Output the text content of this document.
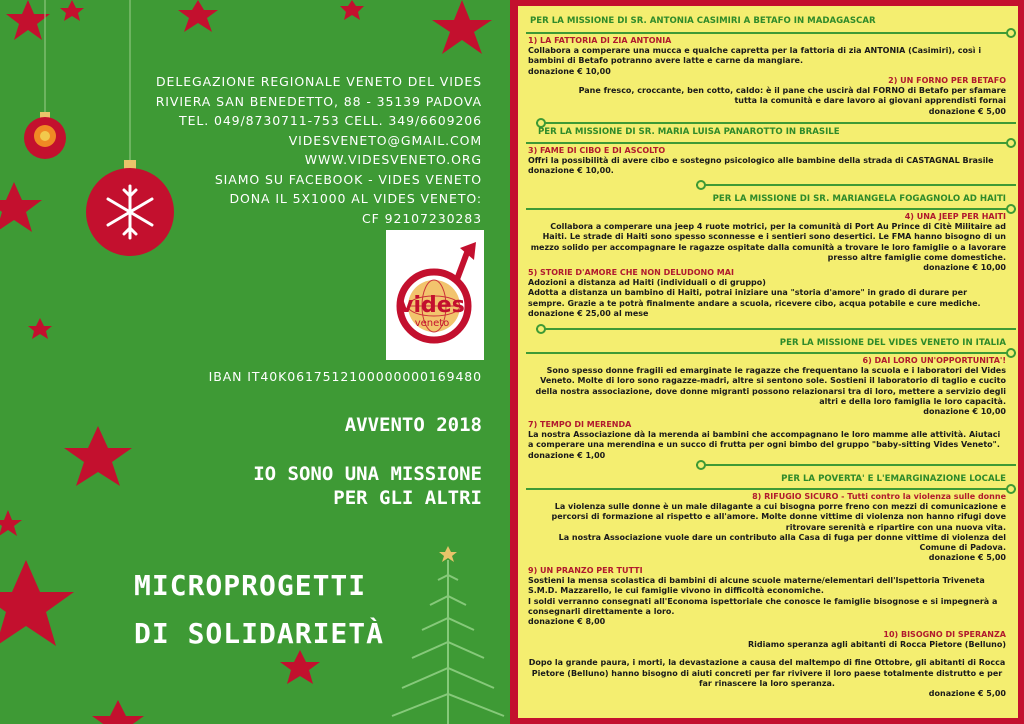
DELEGAZIONE REGIONALE VENETO DEL VIDES
RIVIERA SAN BENEDETTO, 88 - 35139 PADOVA
TEL. 049/8730711-753 CELL. 349/6609206
VIDESVENETO@GMAIL.COM
WWW.VIDESVENETO.ORG
SIAMO SU FACEBOOK - VIDES VENETO
DONA IL 5X1000 AL VIDES VENETO:
CF 92107230283
vides
veneto
IBAN IT40K0617512100000000169480
AVVENTO 2018
IO SONO UNA MISSIONE
PER GLI ALTRI
MICROPROGETTI
DI SOLIDARIETÀ
PER LA MISSIONE DI SR. ANTONIA CASIMIRI A BETAFO IN MADAGASCAR
1) LA FATTORIA DI ZIA ANTONIA
Collabora a comperare una mucca e qualche capretta per la fattoria di zia ANTONIA (Casimiri), così i bambini di Betafo potranno avere latte e carne da mangiare.
donazione € 10,00
2) UN FORNO PER BETAFO
Pane fresco, croccante, ben cotto, caldo: è il pane che uscirà dal FORNO di Betafo per sfamare tutta la comunità e dare lavoro ai giovani apprendisti fornai
donazione € 5,00
PER LA MISSIONE DI SR. MARIA LUISA PANAROTTO IN BRASILE
3) FAME DI CIBO E DI ASCOLTO
Offri la possibilità di avere cibo e sostegno psicologico alle bambine della strada di CASTAGNAL Brasile
donazione € 10,00.
PER LA MISSIONE DI SR. MARIANGELA FOGAGNOLO AD HAITI
4) UNA JEEP PER HAITI
Collabora a comperare una jeep 4 ruote motrici, per la comunità di Port Au Prince di Citè Militaire ad Haiti. Le strade di Haiti sono spesso sconnesse e i sentieri sono desertici. Le FMA hanno bisogno di un mezzo solido per accompagnare le ragazze ospitate dalla comunità a trovare le loro famiglie o a lavorare presso altre famiglie come domestiche.
donazione € 10,00
5) STORIE D'AMORE CHE NON DELUDONO MAI
Adozioni a distanza ad Haiti (individuali o di gruppo)
Adotta a distanza un bambino di Haiti, potrai iniziare una "storia d'amore" in grado di durare per sempre. Grazie a te potrà finalmente andare a scuola, ricevere cibo, acqua potabile e cure mediche.
donazione € 25,00 al mese
PER LA MISSIONE DEL VIDES VENETO IN ITALIA
6) DAI LORO UN'OPPORTUNITA'!
Sono spesso donne fragili ed emarginate le ragazze che frequentano la scuola e i laboratori del Vides Veneto. Molte di loro sono ragazze-madri, altre si sentono sole. Sostieni il laboratorio di taglio e cucito della nostra associazione, dove donne migranti possono relazionarsi tra di loro, mettere a servizio degli altri e della loro famiglia le loro capacità.
donazione € 10,00
7) TEMPO DI MERENDA
La nostra Associazione dà la merenda ai bambini che accompagnano le loro mamme alle attività. Aiutaci a comperare una merendina e un succo di frutta per ogni bimbo del gruppo "baby-sitting Vides Veneto".
donazione € 1,00
PER LA POVERTA' E L'EMARGINAZIONE LOCALE
8) RIFUGIO SICURO - Tutti contro la violenza sulle donne
La violenza sulle donne è un male dilagante a cui bisogna porre freno con mezzi di comunicazione e percorsi di formazione al rispetto e all'amore. Molte donne vittime di violenza non hanno rifugi dove ritrovare serenità e ripartire con una nuova vita.
La nostra Associazione vuole dare un contributo alla Casa di fuga per donne vittime di violenza del Comune di Padova.
donazione € 5,00
9) UN PRANZO PER TUTTI
Sostieni la mensa scolastica di bambini di alcune scuole materne/elementari dell'Ispettoria Triveneta S.M.D. Mazzarello, le cui famiglie vivono in difficoltà economiche.
I soldi verranno consegnati all'Economa ispettoriale che conosce le famiglie bisognose e si impegnerà a consegnarli direttamente a loro.
donazione € 8,00
10) BISOGNO DI SPERANZA
Ridiamo speranza agli abitanti di Rocca Pietore (Belluno)
Dopo la grande paura, i morti, la devastazione a causa del maltempo di fine Ottobre, gli abitanti di Rocca Pietore (Belluno) hanno bisogno di aiuti concreti per far rivivere il loro paese totalmente distrutto e per far rinascere la loro speranza.
donazione € 5,00
